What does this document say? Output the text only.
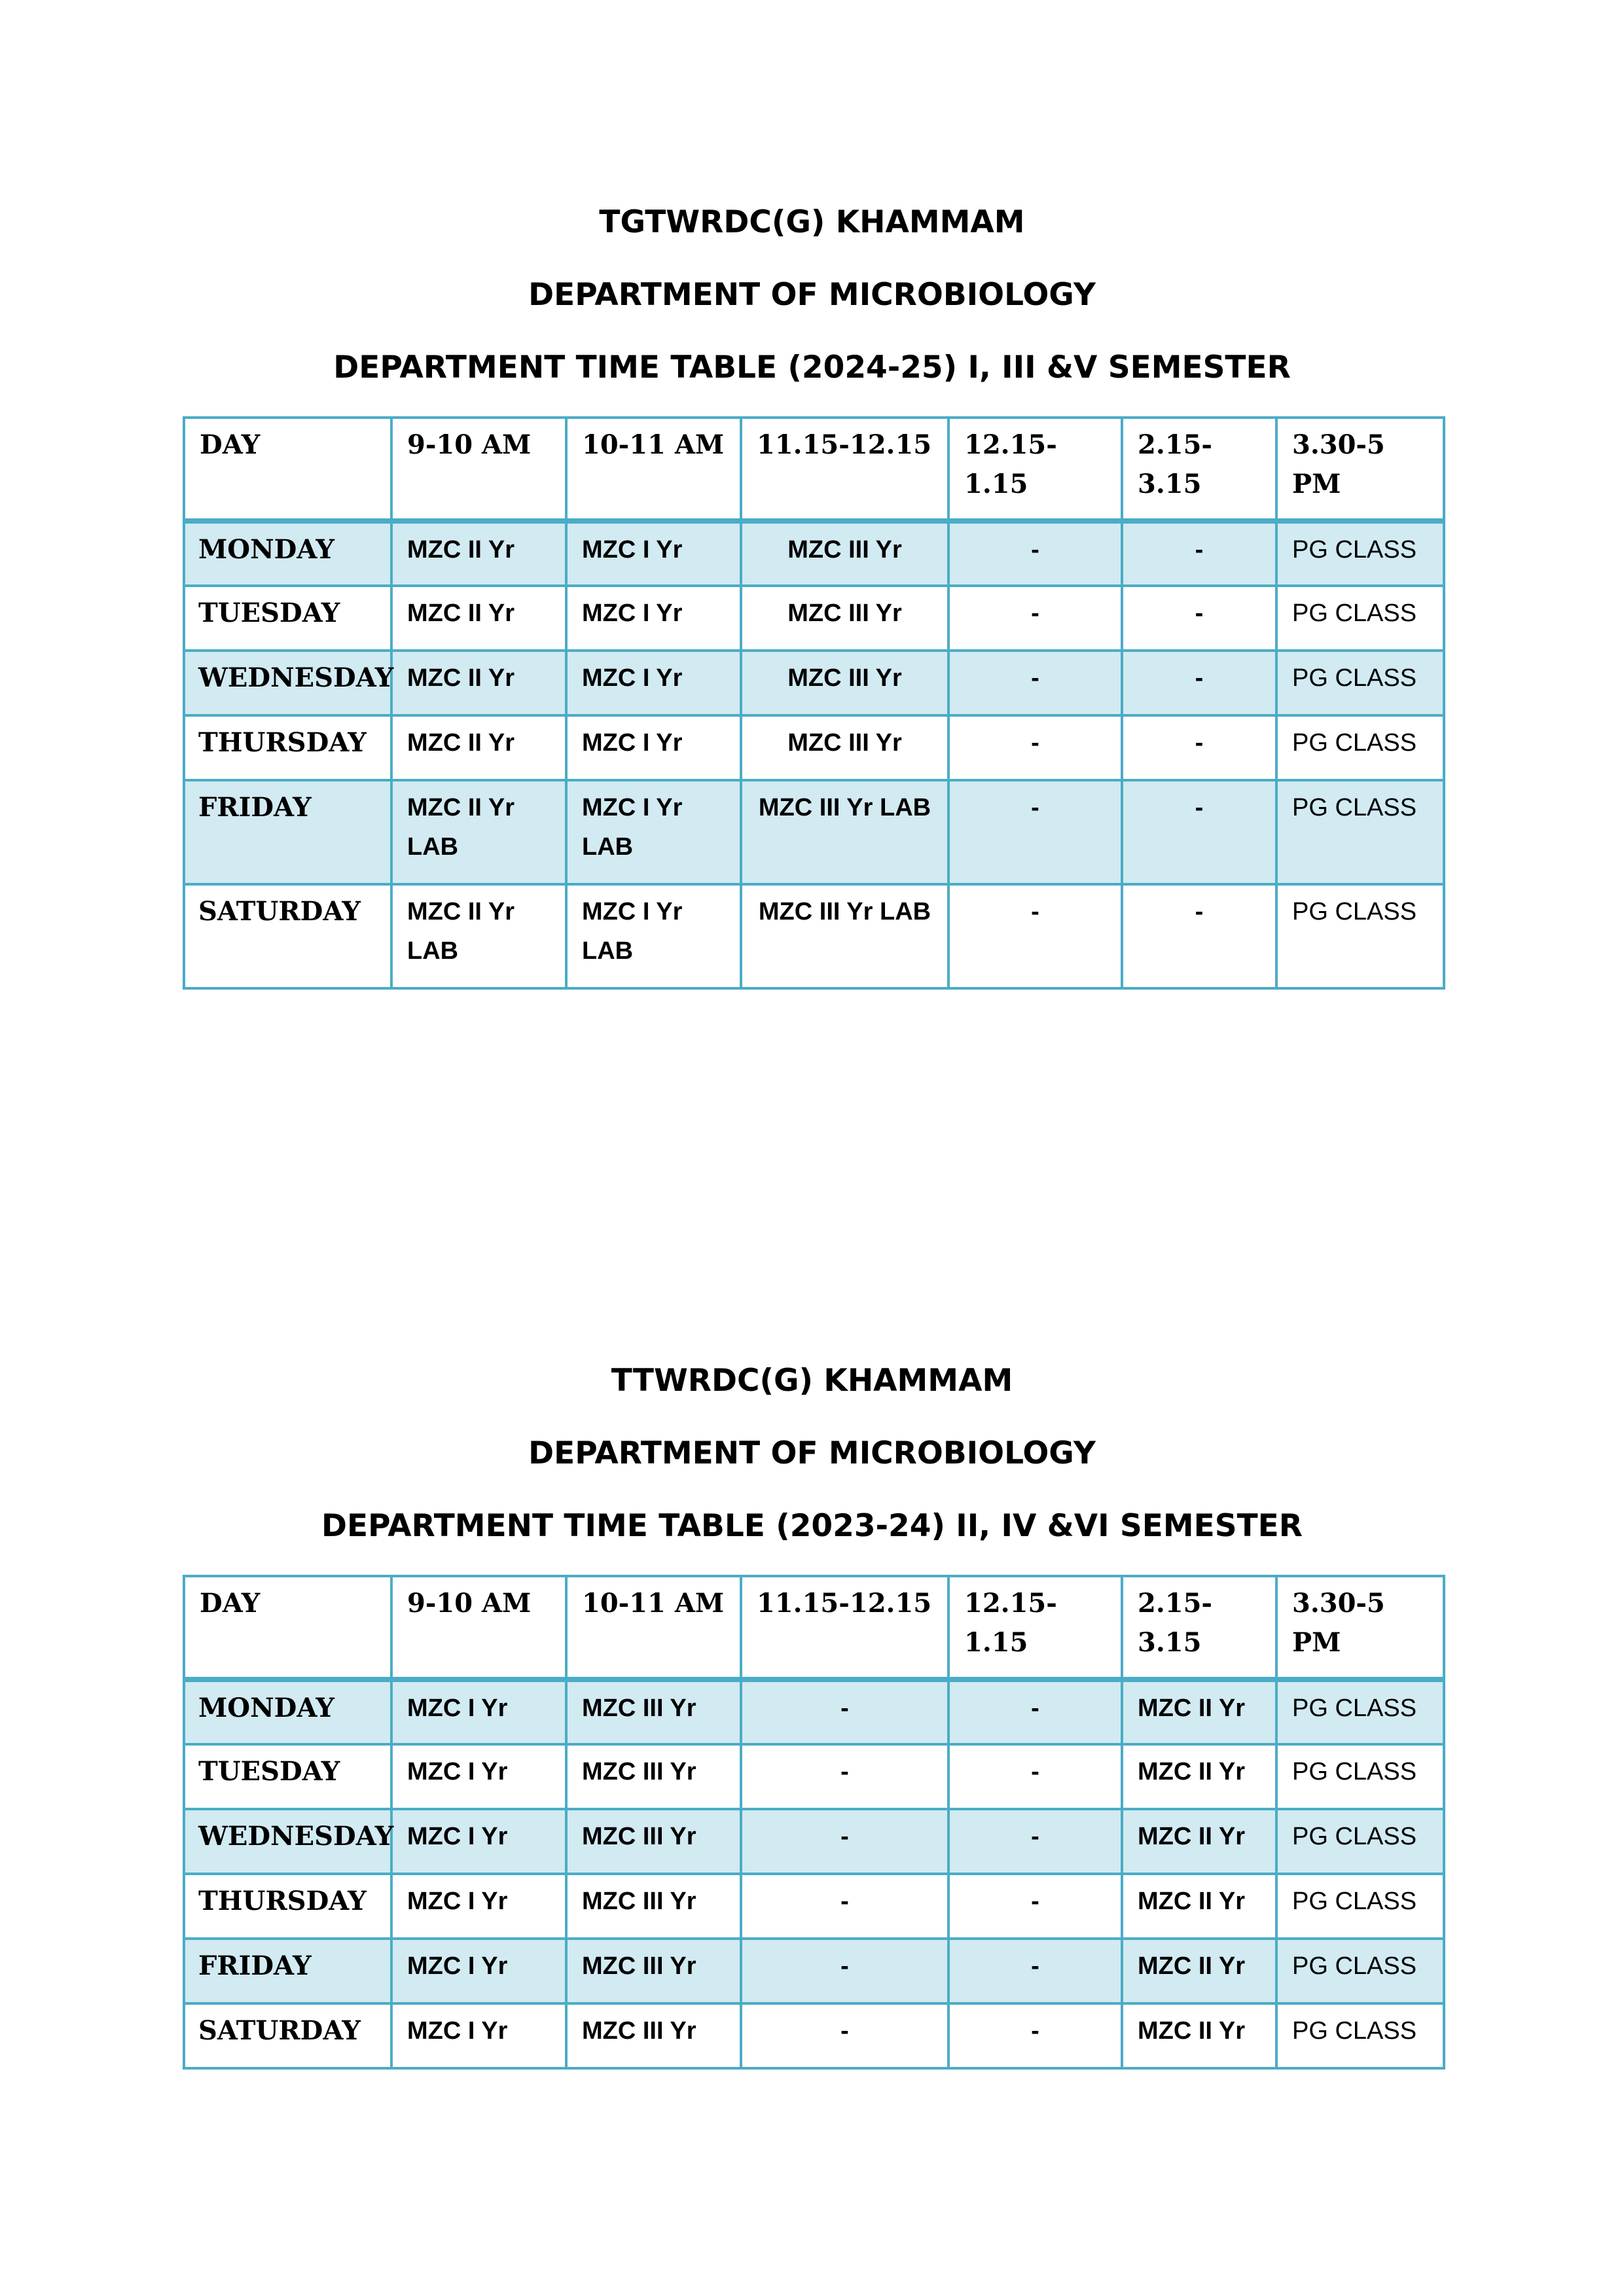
TGTWRDC(G) KHAMMAM
DEPARTMENT OF MICROBIOLOGY
DEPARTMENT TIME TABLE (2024-25) I, III &V SEMESTER
DAY	9-10 AM	10-11 AM	11.15-12.15	12.15-1.15	2.15-3.15	3.30-5 PM
MONDAY	MZC II Yr	MZC I Yr	MZC III Yr	-	-	PG CLASS
TUESDAY	MZC II Yr	MZC I Yr	MZC III Yr	-	-	PG CLASS
WEDNESDAY	MZC II Yr	MZC I Yr	MZC III Yr	-	-	PG CLASS
THURSDAY	MZC II Yr	MZC I Yr	MZC III Yr	-	-	PG CLASS
FRIDAY	MZC II Yr LAB	MZC I Yr LAB	MZC III Yr LAB	-	-	PG CLASS
SATURDAY	MZC II Yr LAB	MZC I Yr LAB	MZC III Yr LAB	-	-	PG CLASS
TTWRDC(G) KHAMMAM
DEPARTMENT OF MICROBIOLOGY
DEPARTMENT TIME TABLE (2023-24) II, IV &VI SEMESTER
DAY	9-10 AM	10-11 AM	11.15-12.15	12.15-1.15	2.15-3.15	3.30-5 PM
MONDAY	MZC I Yr	MZC III Yr	-	-	MZC II Yr	PG CLASS
TUESDAY	MZC I Yr	MZC III Yr	-	-	MZC II Yr	PG CLASS
WEDNESDAY	MZC I Yr	MZC III Yr	-	-	MZC II Yr	PG CLASS
THURSDAY	MZC I Yr	MZC III Yr	-	-	MZC II Yr	PG CLASS
FRIDAY	MZC I Yr	MZC III Yr	-	-	MZC II Yr	PG CLASS
SATURDAY	MZC I Yr	MZC III Yr	-	-	MZC II Yr	PG CLASS
